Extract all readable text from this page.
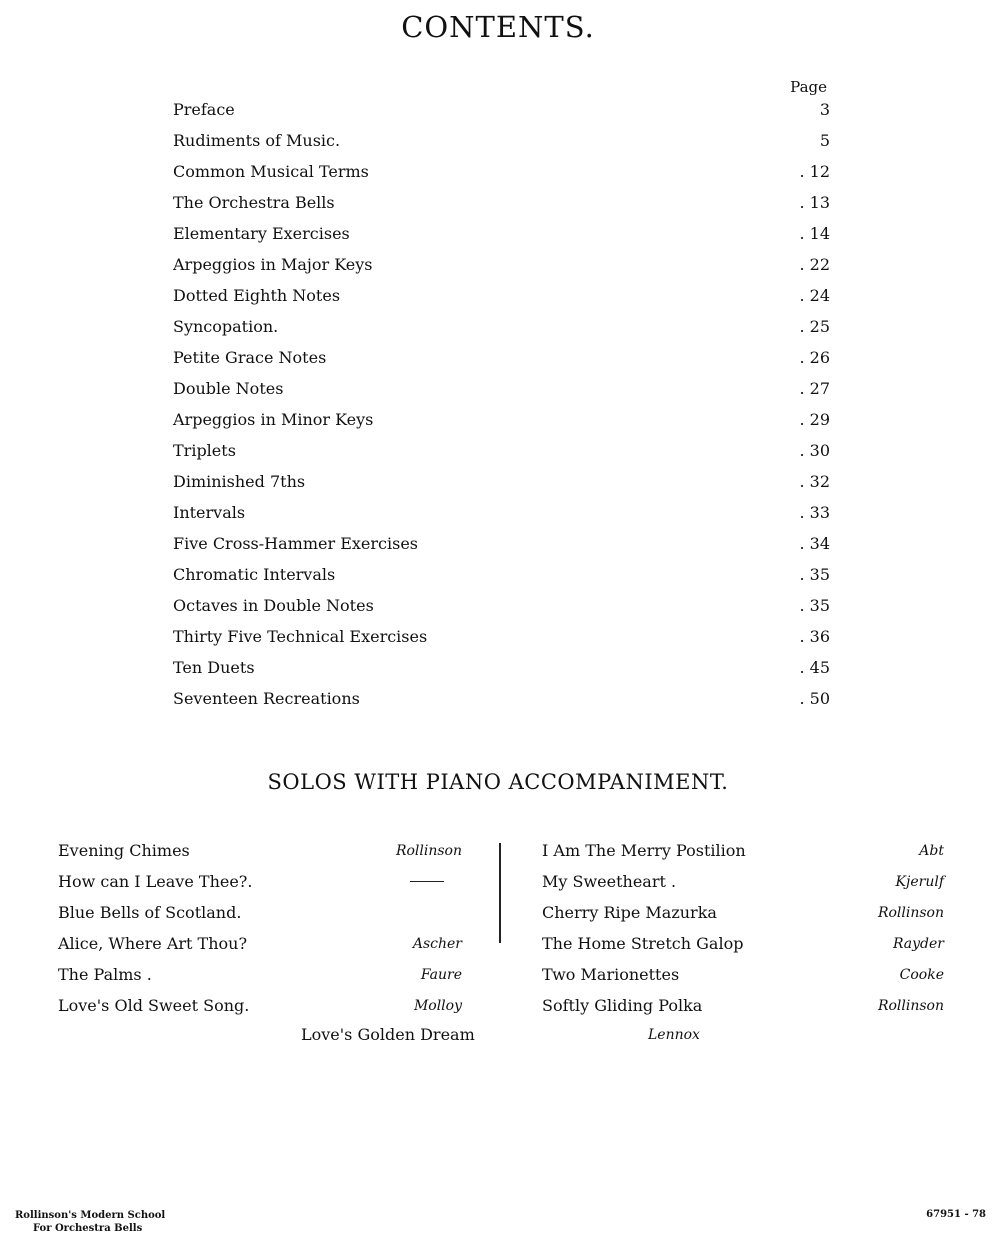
CONTENTS.
Page
Preface	3
Rudiments of Music.	5
Common Musical Terms	. 12
The Orchestra Bells	. 13
Elementary Exercises	. 14
Arpeggios in Major Keys	. 22
Dotted Eighth Notes	. 24
Syncopation.	. 25
Petite Grace Notes	. 26
Double Notes	. 27
Arpeggios in Minor Keys	. 29
Triplets	. 30
Diminished 7ths	. 32
Intervals	. 33
Five Cross-Hammer Exercises	. 34
Chromatic Intervals	. 35
Octaves in Double Notes	. 35
Thirty Five Technical Exercises	. 36
Ten Duets	. 45
Seventeen Recreations	. 50
SOLOS WITH PIANO ACCOMPANIMENT.
Evening Chimes	Rollinson
How can I Leave Thee?.
Blue Bells of Scotland.
Alice, Where Art Thou?	Ascher
The Palms .	Faure
Love's Old Sweet Song.	Molloy
I Am The Merry Postilion	Abt
My Sweetheart .	Kjerulf
Cherry Ripe Mazurka	Rollinson
The Home Stretch Galop	Rayder
Two Marionettes	Cooke
Softly Gliding Polka	Rollinson
Love's Golden Dream	Lennox
Rollinson's Modern School
For Orchestra Bells
67951 - 78
